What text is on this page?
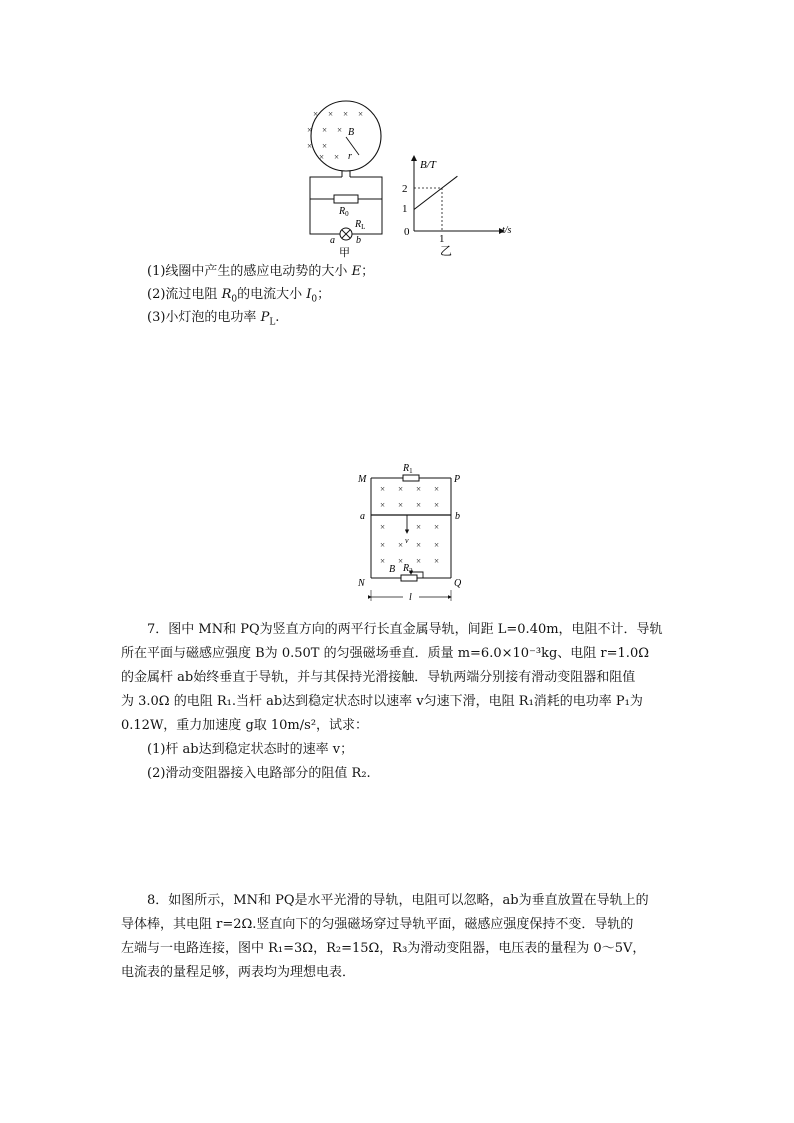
× × × ×
× × ×
× ×
× ×
B
r
$R_0$
$R_L$
a b
甲
B/T
t/s
2
1
0
1
乙
(1)线圈中产生的感应电动势的大小 E；
(2)流过电阻 $R_0$的电流大小 $I_0$；
(3)小灯泡的电功率 $P_L$.
$R_1$
$R_2$
B
v
× × × ×
× × × ×
×	× ×
× × × ×
× × × ×
M	P
a	b
N	Q
l
7．图中 MN和 PQ为竖直方向的两平行长直金属导轨，间距 L=0.40m，电阻不计．导轨
所在平面与磁感应强度 B为 0.50T 的匀强磁场垂直．质量 m=6.0×10⁻³kg、电阻 r=1.0Ω
的金属杆 ab始终垂直于导轨，并与其保持光滑接触．导轨两端分别接有滑动变阻器和阻值
为 3.0Ω 的电阻 R₁.当杆 ab达到稳定状态时以速率 v匀速下滑，电阻 R₁消耗的电功率 P₁为
0.12W，重力加速度 g取 10m/s²，试求：
(1)杆 ab达到稳定状态时的速率 v；
(2)滑动变阻器接入电路部分的阻值 R₂.
8．如图所示，MN和 PQ是水平光滑的导轨，电阻可以忽略，ab为垂直放置在导轨上的
导体棒，其电阻 r=2Ω.竖直向下的匀强磁场穿过导轨平面，磁感应强度保持不变．导轨的
左端与一电路连接，图中 R₁=3Ω，R₂=15Ω，R₃为滑动变阻器，电压表的量程为 0～5V，
电流表的量程足够，两表均为理想电表．
